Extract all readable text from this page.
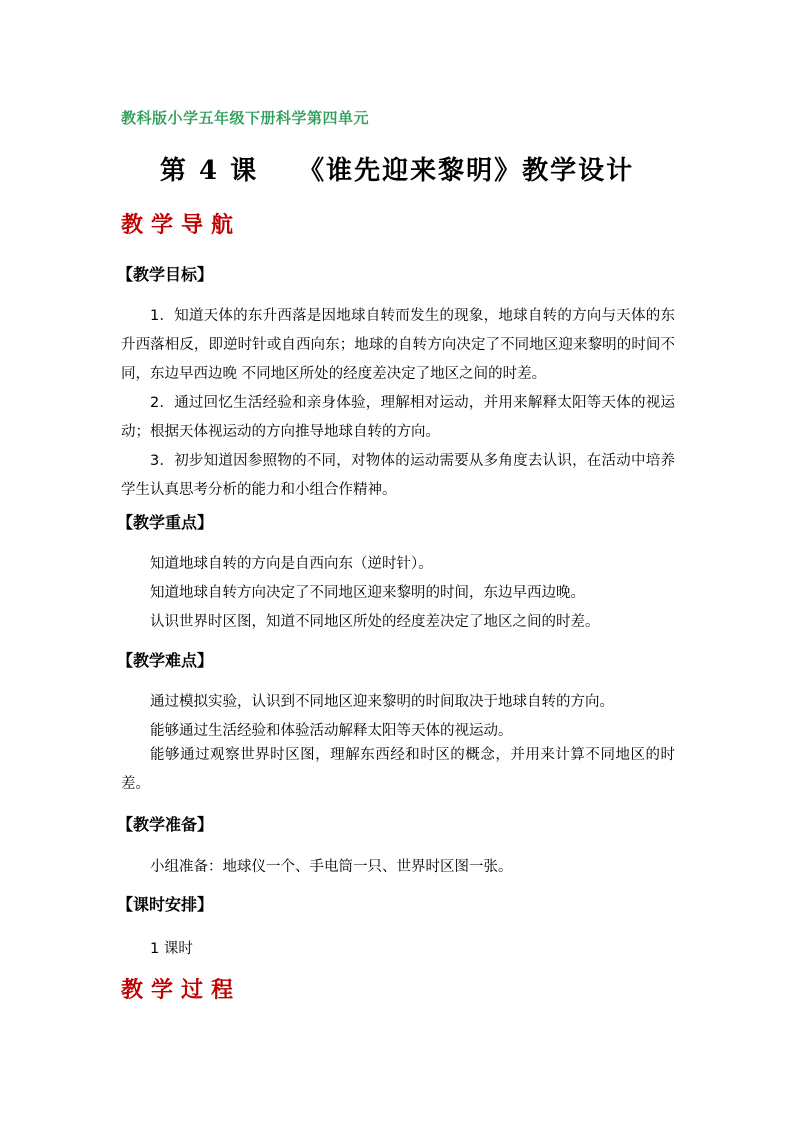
教科版小学五年级下册科学第四单元
第 4 课 《谁先迎来黎明》教学设计
教学导航
【教学目标】

1．知道天体的东升西落是因地球自转而发生的现象，地球自转的方向与天体的东升西落相反，即逆时针或自西向东；地球的自转方向决定了不同地区迎来黎明的时间不同，东边早西边晚 不同地区所处的经度差决定了地区之间的时差。

2．通过回忆生活经验和亲身体验，理解相对运动，并用来解释太阳等天体的视运动；根据天体视运动的方向推导地球自转的方向。

3．初步知道因参照物的不同，对物体的运动需要从多角度去认识，在活动中培养学生认真思考分析的能力和小组合作精神。

【教学重点】
知道地球自转的方向是自西向东（逆时针）。
知道地球自转方向决定了不同地区迎来黎明的时间，东边早西边晚。
认识世界时区图，知道不同地区所处的经度差决定了地区之间的时差。
【教学难点】
通过模拟实验，认识到不同地区迎来黎明的时间取决于地球自转的方向。
能够通过生活经验和体验活动解释太阳等天体的视运动。

能够通过观察世界时区图，理解东西经和时区的概念，并用来计算不同地区的时差。

【教学准备】
小组准备：地球仪一个、手电筒一只、世界时区图一张。
【课时安排】
1 课时
教学过程
